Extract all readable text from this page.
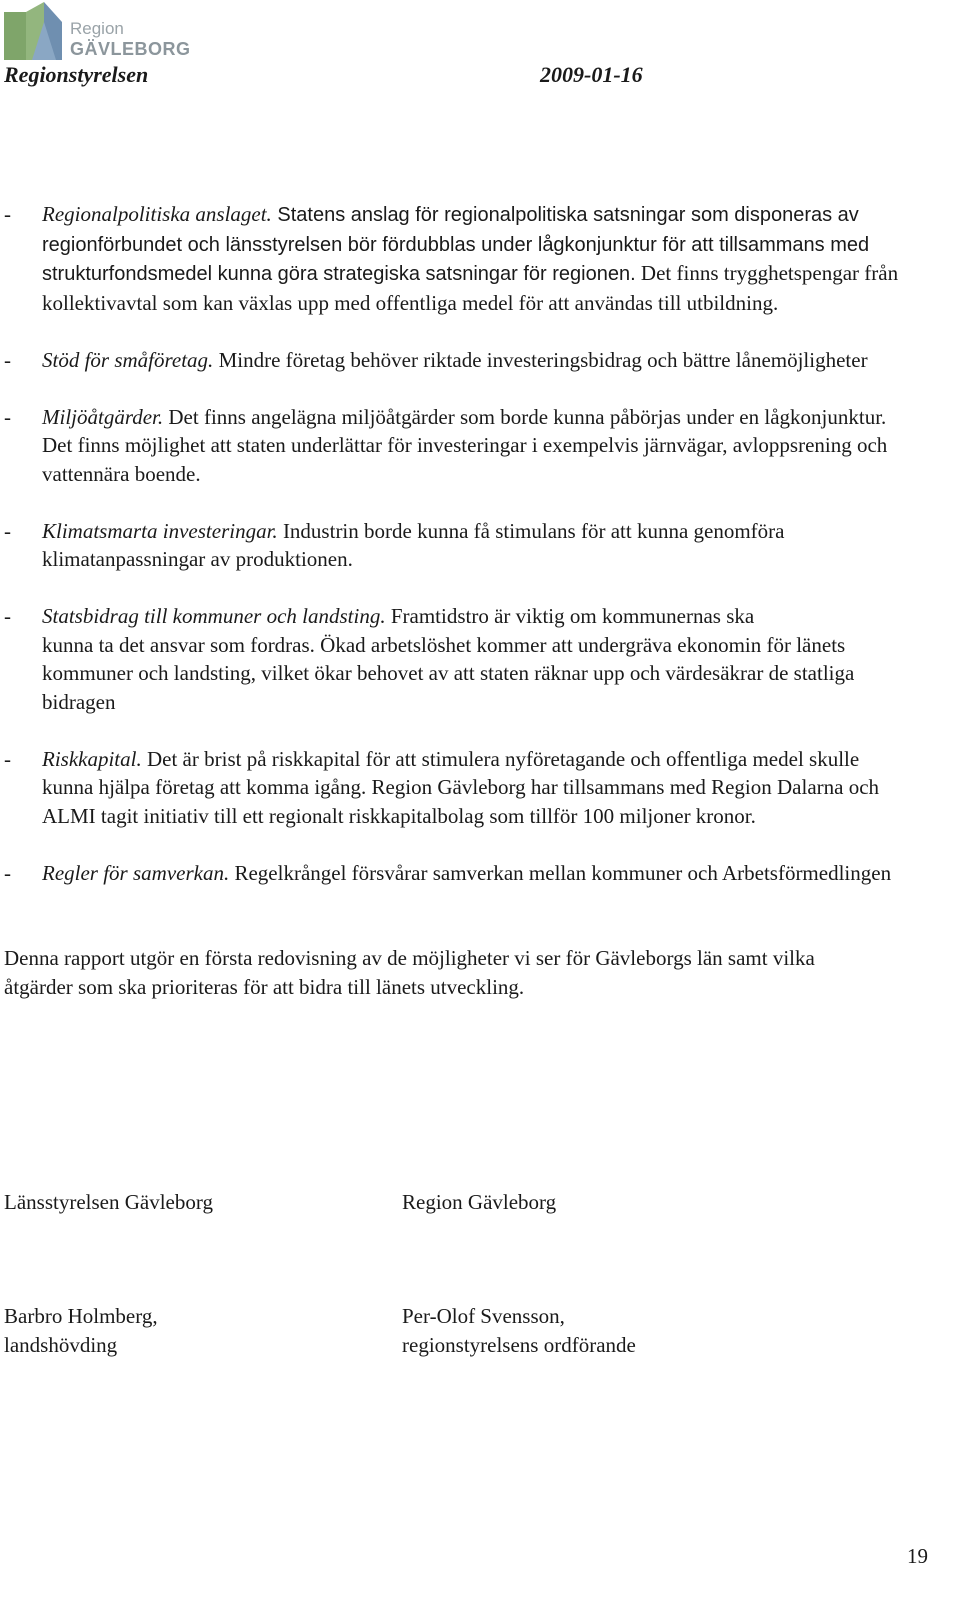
Region
GÄVLEBORG
Regionstyrelsen	2009-01-16
- Regionalpolitiska anslaget. Statens anslag för regionalpolitiska satsningar som disponeras av regionförbundet och länsstyrelsen bör fördubblas under lågkonjunktur för att tillsammans med strukturfondsmedel kunna göra strategiska satsningar för regionen. Det finns trygghetspengar från kollektivavtal som kan växlas upp med offentliga medel för att användas till utbildning.
- Stöd för småföretag. Mindre företag behöver riktade investeringsbidrag och bättre lånemöjligheter
- Miljöåtgärder. Det finns angelägna miljöåtgärder som borde kunna påbörjas under en lågkonjunktur. Det finns möjlighet att staten underlättar för investeringar i exempelvis järnvägar, avloppsrening och vattennära boende.
- Klimatsmarta investeringar. Industrin borde kunna få stimulans för att kunna genomföra klimatanpassningar av produktionen.
- Statsbidrag till kommuner och landsting. Framtidstro är viktig om kommunernas ska
kunna ta det ansvar som fordras. Ökad arbetslöshet kommer att undergräva ekonomin för länets kommuner och landsting, vilket ökar behovet av att staten räknar upp och värdesäkrar de statliga bidragen
- Riskkapital. Det är brist på riskkapital för att stimulera nyföretagande och offentliga medel skulle kunna hjälpa företag att komma igång. Region Gävleborg har tillsammans med Region Dalarna och ALMI tagit initiativ till ett regionalt riskkapitalbolag som tillför 100 miljoner kronor.
- Regler för samverkan. Regelkrångel försvårar samverkan mellan kommuner och Arbetsförmedlingen
Denna rapport utgör en första redovisning av de möjligheter vi ser för Gävleborgs län samt vilka åtgärder som ska prioriteras för att bidra till länets utveckling.
Länsstyrelsen Gävleborg
Barbro Holmberg,
landshövding
Region Gävleborg
Per-Olof Svensson,
regionstyrelsens ordförande
19
